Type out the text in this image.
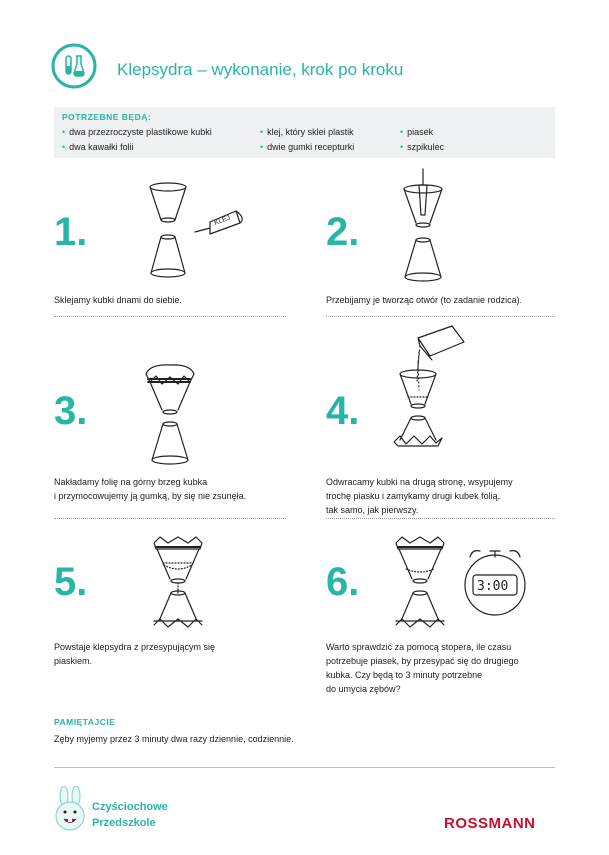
Klepsydra – wykonanie, krok po kroku
POTRZEBNE BĘDĄ:
• dwa przezroczyste plastikowe kubki
• dwa kawałki folii
• klej, który sklei plastik
• dwie gumki recepturki
• piasek
• szpikulec
1.	KLEJ
Sklejamy kubki dnami do siebie.
2.
Przebijamy je tworząc otwór (to zadanie rodzica).
3.
Nakładamy folię na górny brzeg kubka
i przymocowujemy ją gumką, by się nie zsunęła.
4.
Odwracamy kubki na drugą stronę, wsypujemy
trochę piasku i zamykamy drugi kubek folią,
tak samo, jak pierwszy.
5.
Powstaje klepsydra z przesypującym się
piaskiem.
6.	3:00
Warto sprawdzić za pomocą stopera, ile czasu
potrzebuje piasek, by przesypać się do drugiego
kubka. Czy będą to 3 minuty potrzebne
do umycia zębów?
PAMIĘTAJCIE
Zęby myjemy przez 3 minuty dwa razy dziennie, codziennie.
Czyściochowe
Przedszkole	ROSSMANN
